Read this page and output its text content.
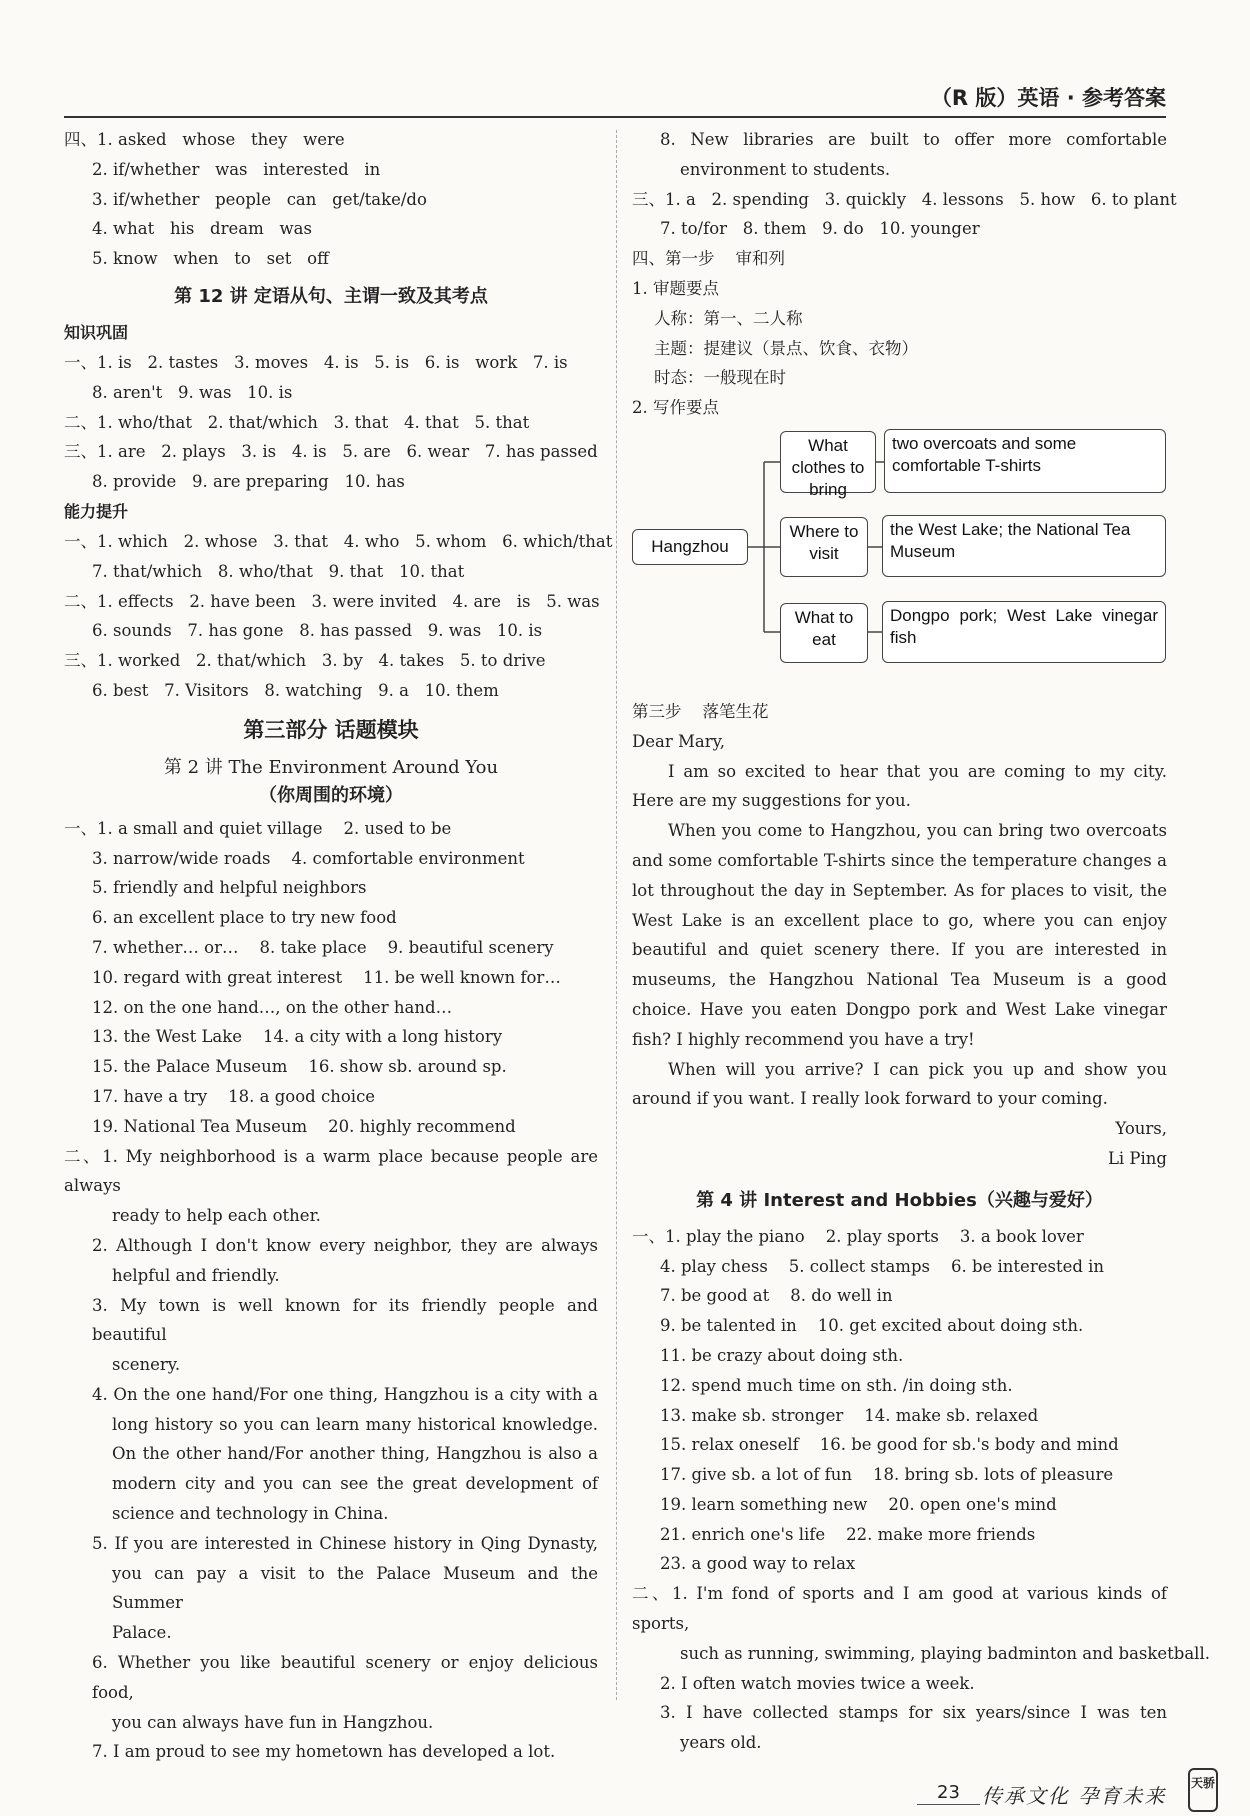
（R 版）英语 · 参考答案
四、1. asked   whose   they   were
2. if/whether   was   interested   in
3. if/whether   people   can   get/take/do
4. what   his   dream   was
5. know   when   to   set   off
第 12 讲 定语从句、主谓一致及其考点
知识巩固
一、1. is   2. tastes   3. moves   4. is   5. is   6. is   work   7. is
8. aren't   9. was   10. is
二、1. who/that   2. that/which   3. that   4. that   5. that
三、1. are   2. plays   3. is   4. is   5. are   6. wear   7. has passed
8. provide   9. are preparing   10. has
能力提升
一、1. which   2. whose   3. that   4. who   5. whom   6. which/that
7. that/which   8. who/that   9. that   10. that
二、1. effects   2. have been   3. were invited   4. are   is   5. was
6. sounds   7. has gone   8. has passed   9. was   10. is
三、1. worked   2. that/which   3. by   4. takes   5. to drive
6. best   7. Visitors   8. watching   9. a   10. them
第三部分 话题模块
第 2 讲 The Environment Around You
（你周围的环境）
一、1. a small and quiet village    2. used to be
3. narrow/wide roads    4. comfortable environment
5. friendly and helpful neighbors
6. an excellent place to try new food
7. whether… or…    8. take place    9. beautiful scenery
10. regard with great interest    11. be well known for…
12. on the one hand…, on the other hand…
13. the West Lake    14. a city with a long history
15. the Palace Museum    16. show sb. around sp.
17. have a try    18. a good choice
19. National Tea Museum    20. highly recommend
二、1. My neighborhood is a warm place because people are always
ready to help each other.
2. Although I don't know every neighbor, they are always
helpful and friendly.
3. My town is well known for its friendly people and beautiful
scenery.
4. On the one hand/For one thing, Hangzhou is a city with a
long history so you can learn many historical knowledge.
On the other hand/For another thing, Hangzhou is also a
modern city and you can see the great development of
science and technology in China.
5. If you are interested in Chinese history in Qing Dynasty,
you can pay a visit to the Palace Museum and the Summer
Palace.
6. Whether you like beautiful scenery or enjoy delicious food,
you can always have fun in Hangzhou.
7. I am proud to see my hometown has developed a lot.
8. New libraries are built to offer more comfortable
environment to students.
三、1. a   2. spending   3. quickly   4. lessons   5. how   6. to plant
7. to/for   8. them   9. do   10. younger
四、第一步    审和列
1. 审题要点
人称：第一、二人称
主题：提建议（景点、饮食、衣物）
时态：一般现在时
2. 写作要点
Hangzhou
What clothes to bring
two overcoats and some comfortable T-shirts
Where to visit
the West Lake; the National Tea Museum
What to eat
Dongpo pork; West Lake vinegar fish
第三步    落笔生花
Dear Mary,
I am so excited to hear that you are coming to my city. Here are my suggestions for you.
When you come to Hangzhou, you can bring two overcoats and some comfortable T-shirts since the temperature changes a lot throughout the day in September. As for places to visit, the West Lake is an excellent place to go, where you can enjoy beautiful and quiet scenery there. If you are interested in museums, the Hangzhou National Tea Museum is a good choice. Have you eaten Dongpo pork and West Lake vinegar fish? I highly recommend you have a try!
When will you arrive? I can pick you up and show you around if you want. I really look forward to your coming.
Yours,
Li Ping
第 4 讲 Interest and Hobbies（兴趣与爱好）
一、1. play the piano    2. play sports    3. a book lover
4. play chess    5. collect stamps    6. be interested in
7. be good at    8. do well in
9. be talented in    10. get excited about doing sth.
11. be crazy about doing sth.
12. spend much time on sth. /in doing sth.
13. make sb. stronger    14. make sb. relaxed
15. relax oneself    16. be good for sb.'s body and mind
17. give sb. a lot of fun    18. bring sb. lots of pleasure
19. learn something new    20. open one's mind
21. enrich one's life    22. make more friends
23. a good way to relax
二、1. I'm fond of sports and I am good at various kinds of sports,
such as running, swimming, playing badminton and basketball.
2. I often watch movies twice a week.
3. I have collected stamps for six years/since I was ten
years old.
23 传承文化 孕育未来
天骄
